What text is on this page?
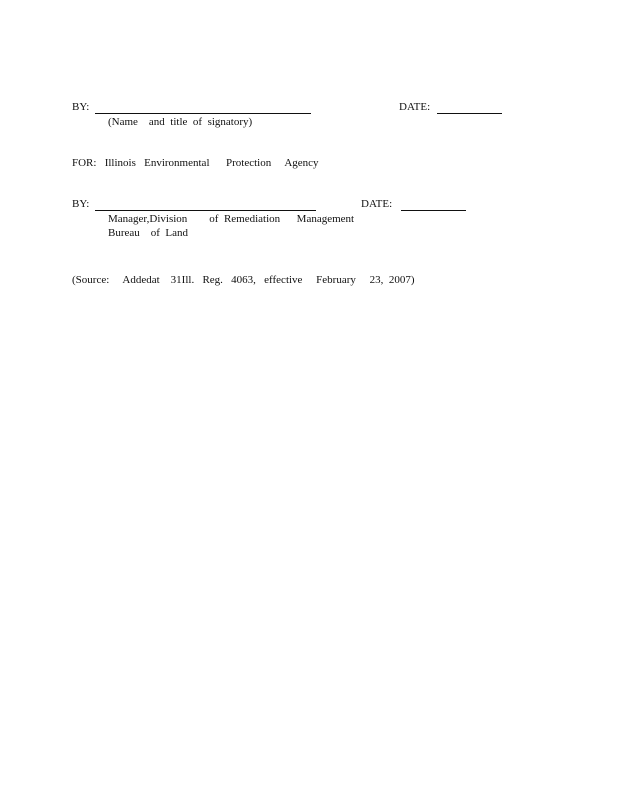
BY:	DATE:
(Name    and  title  of  signatory)
FOR:   Illinois   Environmental      Protection     Agency
BY:	DATE:
Manager,Division        of  Remediation      Management
Bureau    of  Land
(Source:     Addedat    31Ill.   Reg.   4063,   effective     February     23,  2007)
